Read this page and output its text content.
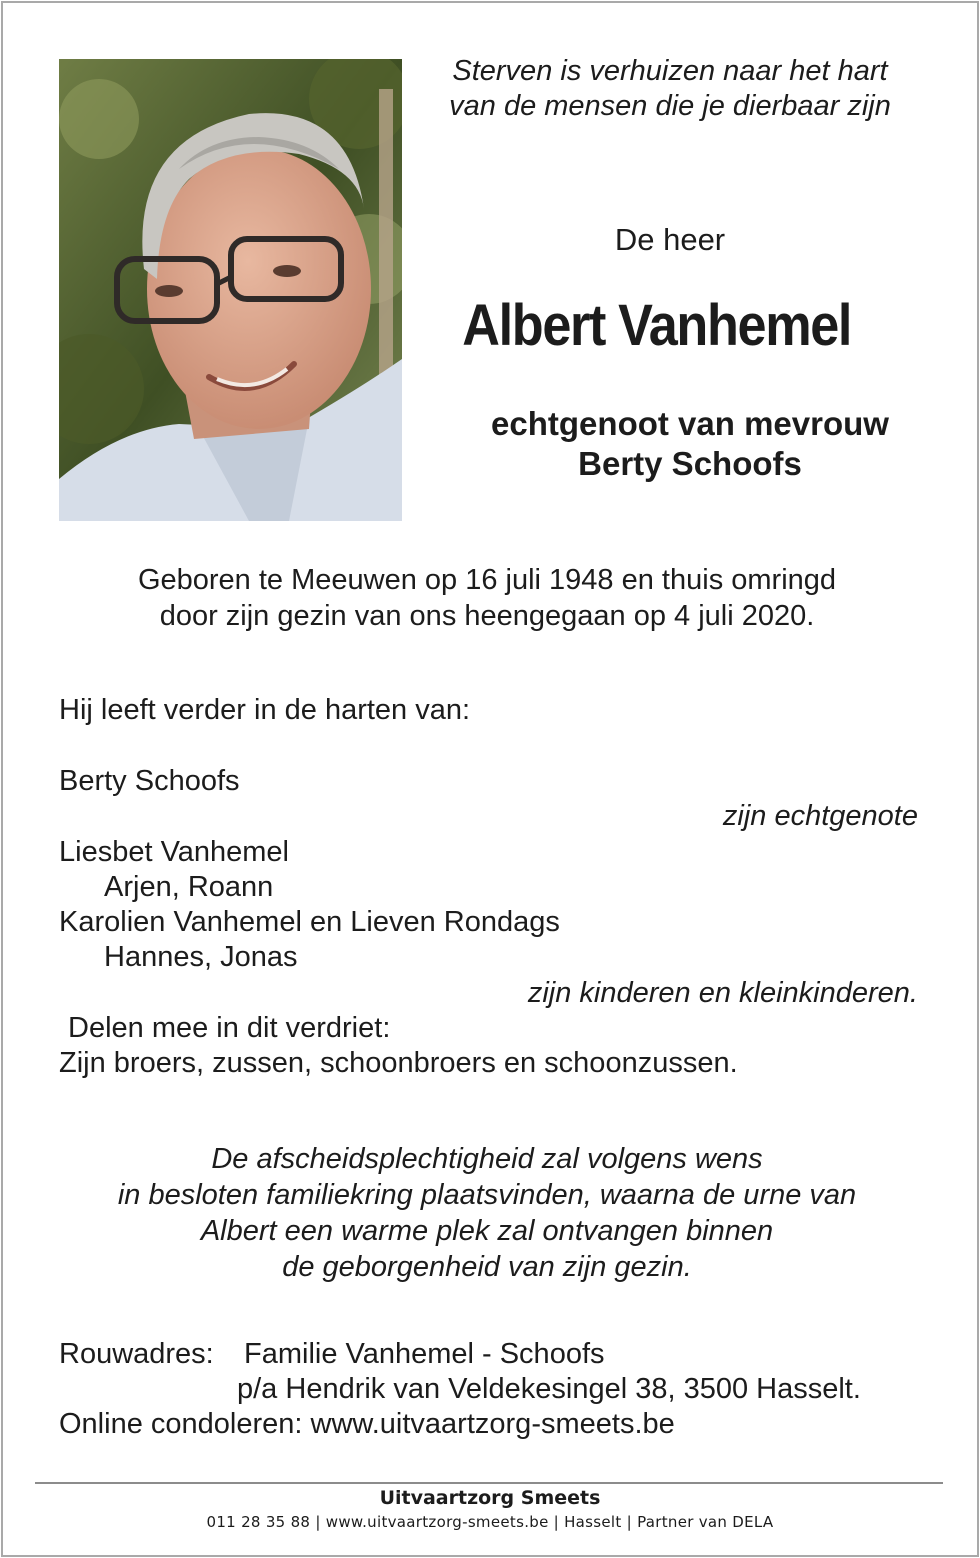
Sterven is verhuizen naar het hart
van de mensen die je dierbaar zijn
De heer
Albert Vanhemel
echtgenoot van mevrouw
Berty Schoofs
Geboren te Meeuwen op 16 juli 1948 en thuis omringd
door zijn gezin van ons heengegaan op 4 juli 2020.
Hij leeft verder in de harten van:
Berty Schoofs
zijn echtgenote
Liesbet Vanhemel
Arjen, Roann
Karolien Vanhemel en Lieven Rondags
Hannes, Jonas
zijn kinderen en kleinkinderen.
Delen mee in dit verdriet:
Zijn broers, zussen, schoonbroers en schoonzussen.
De afscheidsplechtigheid zal volgens wens
in besloten familiekring plaatsvinden, waarna de urne van
Albert een warme plek zal ontvangen binnen
de geborgenheid van zijn gezin.
Rouwadres: Familie Vanhemel - Schoofs
p/a Hendrik van Veldekesingel 38, 3500 Hasselt.
Online condoleren: www.uitvaartzorg-smeets.be
Uitvaartzorg Smeets
011 28 35 88 | www.uitvaartzorg-smeets.be | Hasselt | Partner van DELA
